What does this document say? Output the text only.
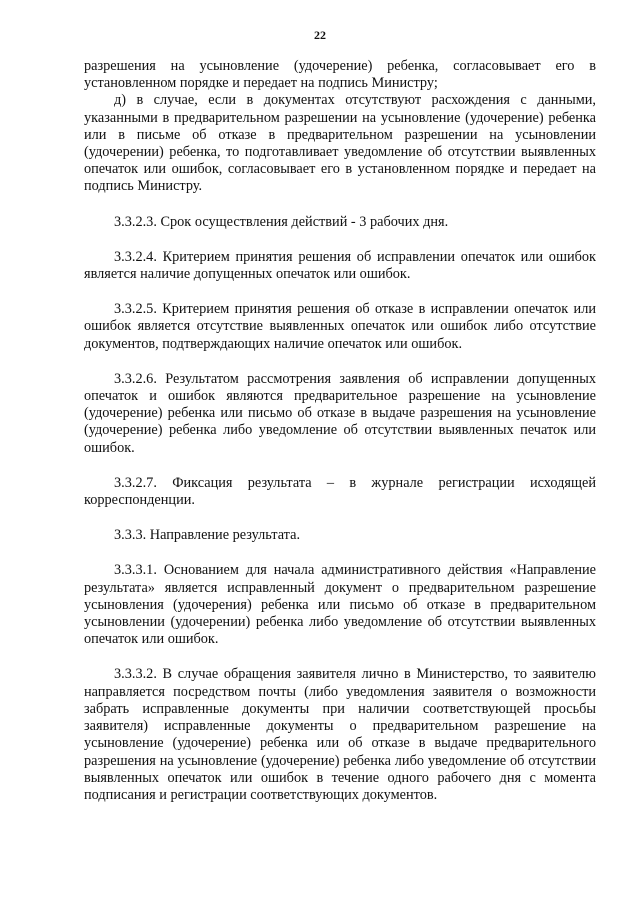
22

разрешения на усыновление (удочерение) ребенка, согласовывает его в установленном порядке и передает на подпись Министру;

д) в случае, если в документах отсутствуют расхождения с данными, указанными в предварительном разрешении на усыновление (удочерение) ребенка или в письме об отказе в предварительном разрешении на усыновлении (удочерении) ребенка, то подготавливает уведомление об отсутствии выявленных опечаток или ошибок, согласовывает его в установленном порядке и передает на подпись Министру.

3.3.2.3. Срок осуществления действий - 3 рабочих дня.

3.3.2.4. Критерием принятия решения об исправлении опечаток или ошибок является наличие допущенных опечаток или ошибок.

3.3.2.5. Критерием принятия решения об отказе в исправлении опечаток или ошибок является отсутствие выявленных опечаток или ошибок либо отсутствие документов, подтверждающих наличие опечаток или ошибок.

3.3.2.6. Результатом рассмотрения заявления об исправлении допущенных опечаток и ошибок являются предварительное разрешение на усыновление (удочерение) ребенка или письмо об отказе в выдаче разрешения на усыновление (удочерение) ребенка либо уведомление об отсутствии выявленных печаток или ошибок.

3.3.2.7. Фиксация результата – в журнале регистрации исходящей корреспонденции.

3.3.3. Направление результата.

3.3.3.1. Основанием для начала административного действия «Направление результата» является исправленный документ о предварительном разрешение усыновления (удочерения) ребенка или письмо об отказе в предварительном усыновлении (удочерении) ребенка либо уведомление об отсутствии выявленных опечаток или ошибок.

3.3.3.2. В случае обращения заявителя лично в Министерство, то заявителю направляется посредством почты (либо уведомления заявителя о возможности забрать исправленные документы при наличии соответствующей просьбы заявителя) исправленные документы о предварительном разрешение на усыновление (удочерение) ребенка или об отказе в выдаче предварительного разрешения на усыновление (удочерение) ребенка либо уведомление об отсутствии выявленных опечаток или ошибок в течение одного рабочего дня с момента подписания и регистрации соответствующих документов.
